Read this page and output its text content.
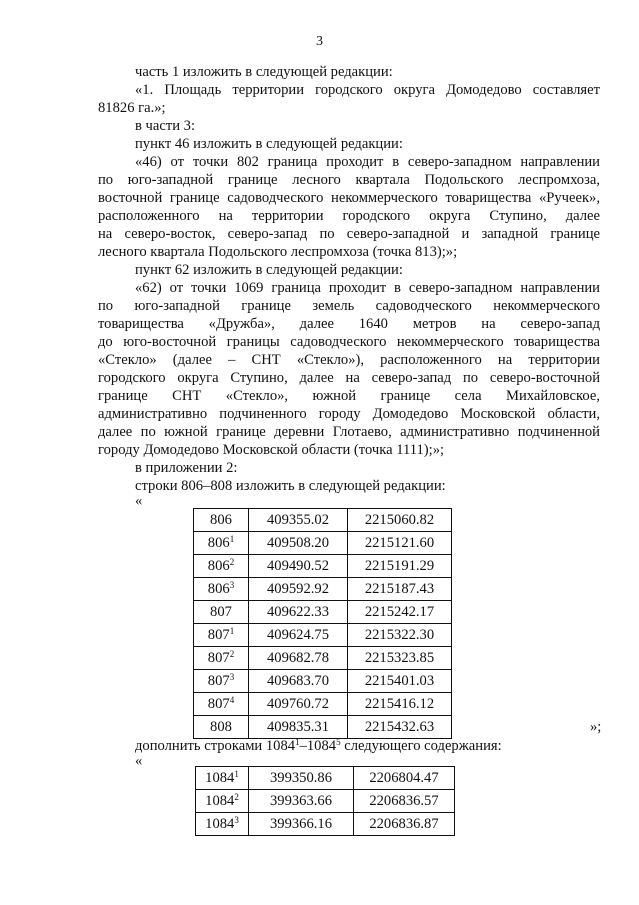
3
часть 1 изложить в следующей редакции:
«1. Площадь территории городского округа Домодедово составляет
81826 га.»;
в части 3:
пункт 46 изложить в следующей редакции:
«46) от точки 802 граница проходит в северо-западном направлении
по юго-западной границе лесного квартала Подольского леспромхоза,
восточной границе садоводческого некоммерческого товарищества «Ручеек»,
расположенного на территории городского округа Ступино, далее
на северо-восток, северо-запад по северо-западной и западной границе
лесного квартала Подольского леспромхоза (точка 813);»;
пункт 62 изложить в следующей редакции:
«62) от точки 1069 граница проходит в северо-западном направлении
по юго-западной границе земель садоводческого некоммерческого
товарищества «Дружба», далее 1640 метров на северо-запад
до юго-восточной границы садоводческого некоммерческого товарищества
«Стекло» (далее – СНТ «Стекло»), расположенного на территории
городского округа Ступино, далее на северо-запад по северо-восточной
границе СНТ «Стекло», южной границе села Михайловское,
административно подчиненного городу Домодедово Московской области,
далее по южной границе деревни Глотаево, административно подчиненной
городу Домодедово Московской области (точка 1111);»;
в приложении 2:
строки 806–808 изложить в следующей редакции:
«
806	409355.02	2215060.82
$806^1$	409508.20	2215121.60
$806^2$	409490.52	2215191.29
$806^3$	409592.92	2215187.43
807	409622.33	2215242.17
$807^1$	409624.75	2215322.30
$807^2$	409682.78	2215323.85
$807^3$	409683.70	2215401.03
$807^4$	409760.72	2215416.12
808	409835.31	2215432.63	»;
дополнить строками 1084$^1$–1084$^5$ следующего содержания:
«
1084$^1$	399350.86	2206804.47
1084$^2$	399363.66	2206836.57
1084$^3$	399366.16	2206836.87
